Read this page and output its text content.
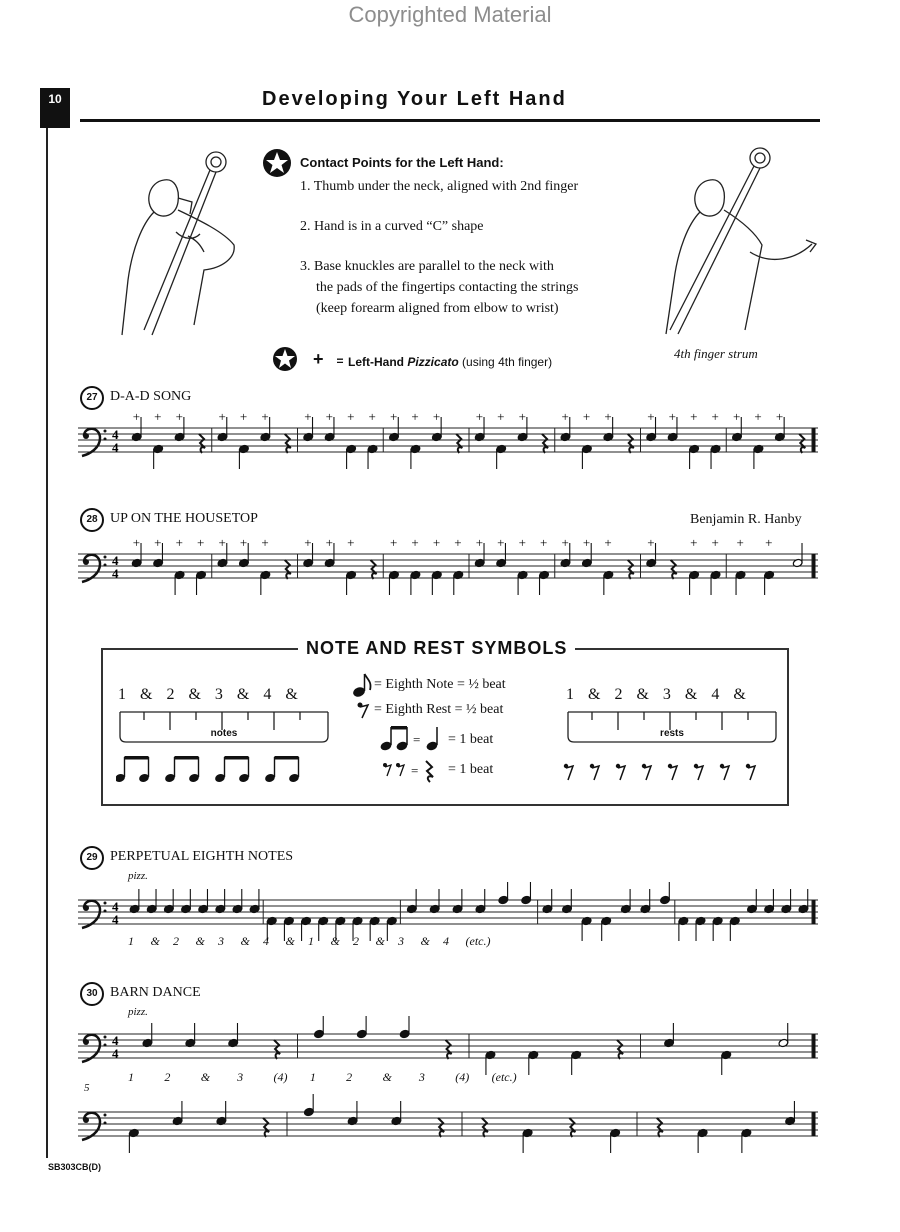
Copyrighted Material
10	Developing Your Left Hand
Contact Points for the Left Hand:

1. Thumb under the neck, aligned with 2nd finger

2. Hand is in a curved “C” shape

3. Base knuckles are parallel to the neck with

the pads of the fingertips contacting the strings

(keep forearm aligned from elbow to wrist)

4th finger strum
+ = Left-Hand Pizzicato (using 4th finger)
27 D-A-D SONG
28 UP ON THE HOUSETOP	Benjamin R. Hanby
29 PERPETUAL EIGHTH NOTES
30 BARN DANCE
pizz.
pizz.
5
4
4
+ + +	+ + +	+ + + + + + +	+ + +	+ + +	+ + + + + + +
4
4
+ + + + + + +	+ + +	+ + + + + + + + + + +	+	+ + + +
4
4
4
4
1 & 2 & 3 & 4 & 1 & 2 & 3 & 4 (etc.)
1	2	& 3	(4) 1	2	& 3	(4) (etc.)
NOTE AND REST SYMBOLS
1 & 2 & 3 & 4 &	1 & 2 & 3 & 4 &
notes	rests
= Eighth Note = ½ beat
= Eighth Rest = ½ beat
= = 1 beat
= = 1 beat
SB303CB(D)
